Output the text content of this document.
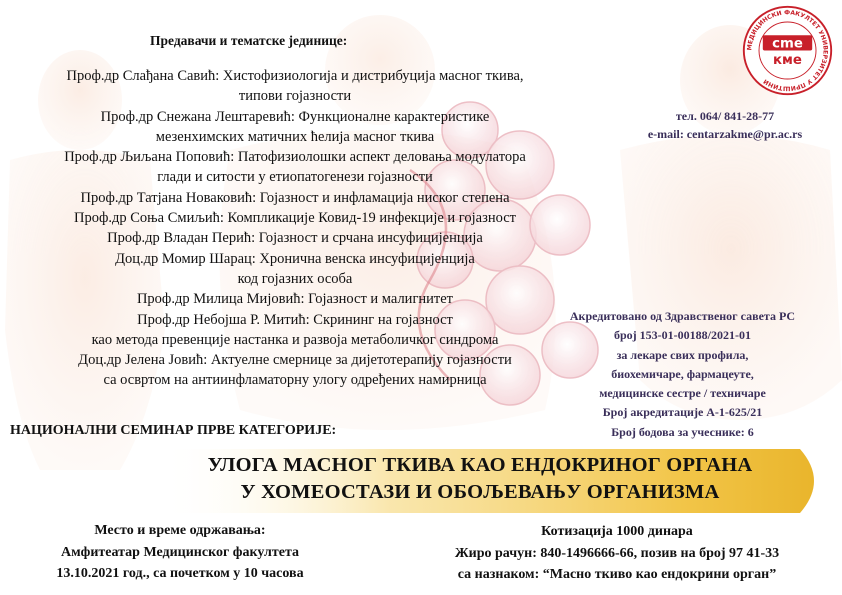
МЕДИЦИНСКИ ФАКУЛТЕТ УНИВЕРЗИТЕТ У ПРИШТИНИ
cme
кмe
Предавачи и тематске јединице:
Проф.др Слађана Савић: Хистофизиологија и дистрибуција масног ткива,
типови гојазности
Проф.др Снежана Лештаревић: Функционалне карактеристике
мезенхимских матичних ћелија масног ткива
Проф.др Љиљана Поповић: Патофизиолошки аспект деловања модулатора
глади и ситости у етиопатогенези гојазности
Проф.др Татјана Новаковић: Гојазност и инфламација ниског степена
Проф.др Соња Смиљић: Компликације Ковид-19 инфекције и гојазност
Проф.др Владан Перић: Гојазност и срчана инсуфицијенција
Доц.др Момир Шарац: Хронична венска инсуфицијенција
код гојазних особа
Проф.др Милица Мијовић: Гојазност и малигнитет
Проф.др Небојша Р. Митић: Скрининг на гојазност
као метода превенције настанка и развоја метаболичког синдрома
Доц.др Јелена Јовић: Актуелне смернице за дијетотерапију гојазности
са освртом на антиинфламаторну улогу одређених намирница
тел. 064/ 841-28-77
e-mail: centarzakme@pr.ac.rs
Акредитовано од Здравственог савета РС
број 153-01-00188/2021-01
за лекаре свих профила,
биохемичаре, фармацеуте,
медицинске сестре / техничаре
Број акредитације А-1-625/21
Број бодова за учеснике: 6
НАЦИОНАЛНИ СЕМИНАР ПРВЕ КАТЕГОРИЈЕ:
УЛОГА МАСНОГ ТКИВА КАО ЕНДОКРИНОГ ОРГАНА
У ХОМЕОСТАЗИ И ОБОЉЕВАЊУ ОРГАНИЗМА
Место и време одржавања:
Амфитеатар Медицинског факултета
13.10.2021 год., са почетком у 10 часова
Котизација 1000 динара
Жиро рачун: 840-1496666-66, позив на број 97 41-33
са назнаком: “Масно ткиво као ендокрини орган”
